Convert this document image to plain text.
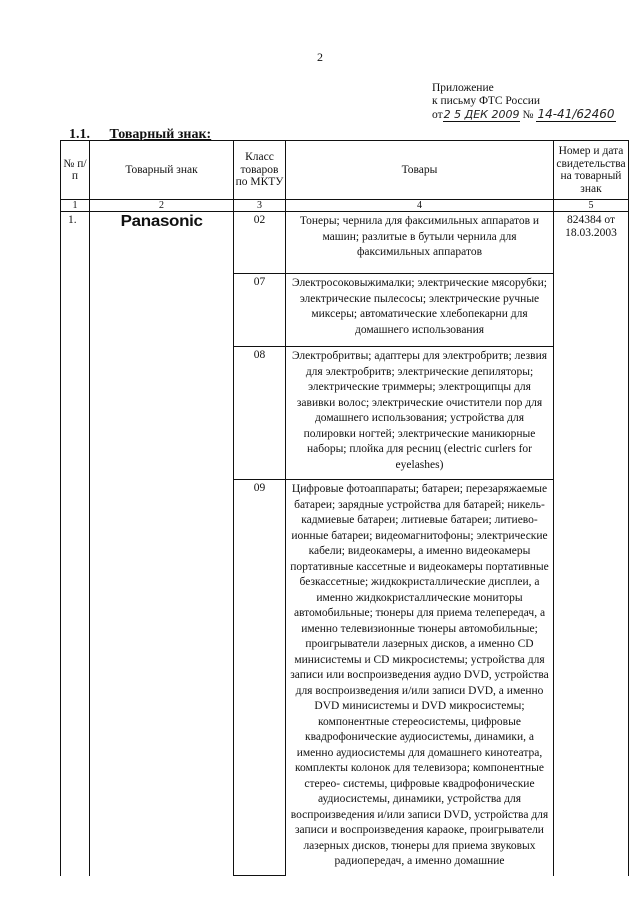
2
Приложение
к письму ФТС России
от 2 5 ДЕК 2009 № 14-41/62460
1.1. Товарный знак:
№ п/п	Товарный знак	Класс товаров по МКТУ	Товары	Номер и дата свидетельства на товарный знак
1	2	3	4	5
1.	Panasonic	02	Тонеры; чернила для факсимильных аппаратов и машин; разлитые в бутыли чернила для факсимильных аппаратов	824384 от 18.03.2003
		07	Электросоковыжималки; электрические мясорубки; электрические пылесосы; электрические ручные миксеры; автоматические хлебопекарни для домашнего использования	
		08	Электробритвы; адаптеры для электробритв; лезвия для электробритв; электрические депиляторы; электрические триммеры; электрощипцы для завивки волос; электрические очистители пор для домашнего использования; устройства для полировки ногтей; электрические маникюрные наборы; плойка для ресниц (electric curlers for eyelashes)	
		09	Цифровые фотоаппараты; батареи; перезаряжаемые батареи; зарядные устройства для батарей; никель-кадмиевые батареи; литиевые батареи; литиево-ионные батареи; видеомагнитофоны; электрические кабели; видеокамеры, а именно видеокамеры портативные кассетные и видеокамеры портативные безкассетные; жидкокристаллические дисплеи, а именно жидкокристаллические мониторы автомобильные; тюнеры для приема телепередач, а именно телевизионные тюнеры автомобильные; проигрыватели лазерных дисков, а именно CD минисистемы и CD микросистемы; устройства для записи или воспроизведения аудио DVD, устройства для воспроизведения и/или записи DVD, а именно DVD минисистемы и DVD микросистемы; компонентные стереосистемы, цифровые квадрофонические аудиосистемы, динамики, а именно аудиосистемы для домашнего кинотеатра, комплекты колонок для телевизора; компонентные стерео- системы, цифровые квадрофонические аудиосистемы, динамики, устройства для воспроизведения и/или записи DVD, устройства для записи и воспроизведения караоке, проигрыватели лазерных дисков, тюнеры для приема звуковых радиопередач, а именно домашние	
